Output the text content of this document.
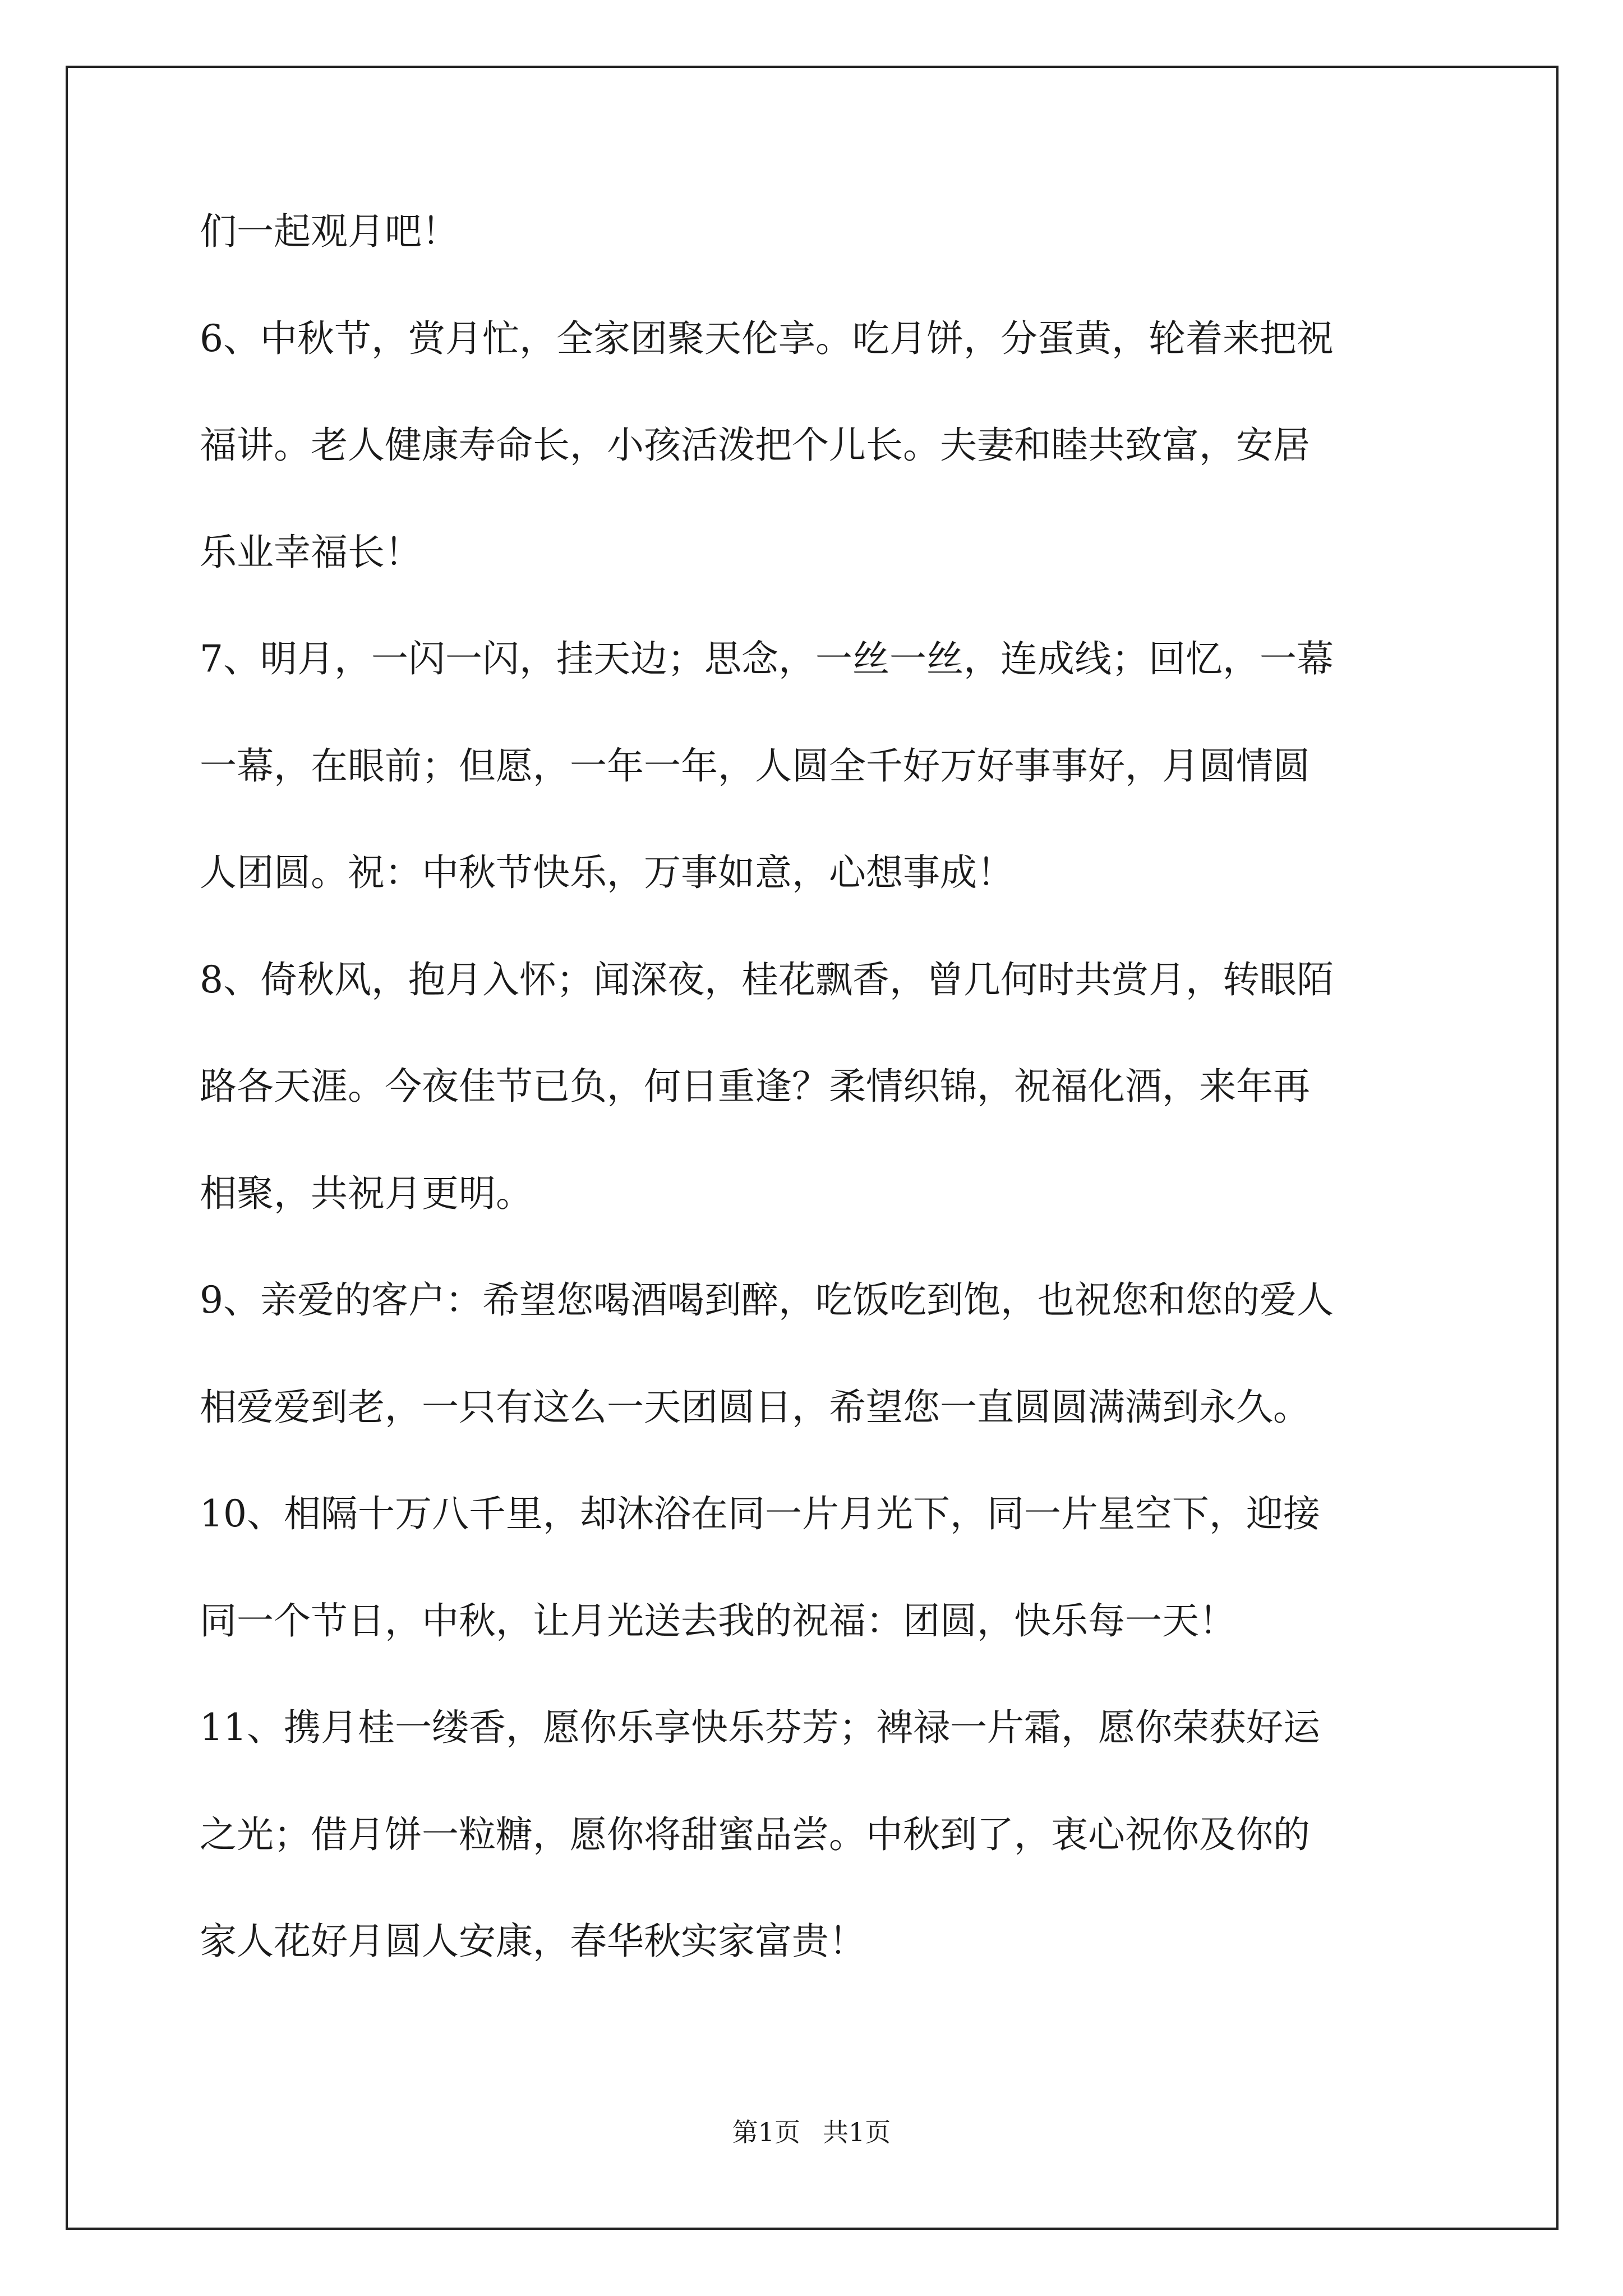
们一起观月吧！
6、中秋节，赏月忙，全家团聚天伦享。吃月饼，分蛋黄，轮着来把祝
福讲。老人健康寿命长，小孩活泼把个儿长。夫妻和睦共致富，安居
乐业幸福长！
7、明月，一闪一闪，挂天边；思念，一丝一丝，连成线；回忆，一幕
一幕，在眼前；但愿，一年一年，人圆全千好万好事事好，月圆情圆
人团圆。祝：中秋节快乐，万事如意，心想事成！
8、倚秋风，抱月入怀；闻深夜，桂花飘香，曾几何时共赏月，转眼陌
路各天涯。今夜佳节已负，何日重逢？柔情织锦，祝福化酒，来年再
相聚，共祝月更明。
9、亲爱的客户：希望您喝酒喝到醉，吃饭吃到饱，也祝您和您的爱人
相爱爱到老，一只有这么一天团圆日，希望您一直圆圆满满到永久。
10、相隔十万八千里，却沐浴在同一片月光下，同一片星空下，迎接
同一个节日，中秋，让月光送去我的祝福：团圆，快乐每一天！
11、携月桂一缕香，愿你乐享快乐芬芳；裨禄一片霜，愿你荣获好运
之光；借月饼一粒糖，愿你将甜蜜品尝。中秋到了，衷心祝你及你的
家人花好月圆人安康，春华秋实家富贵！
第1页 共1页
